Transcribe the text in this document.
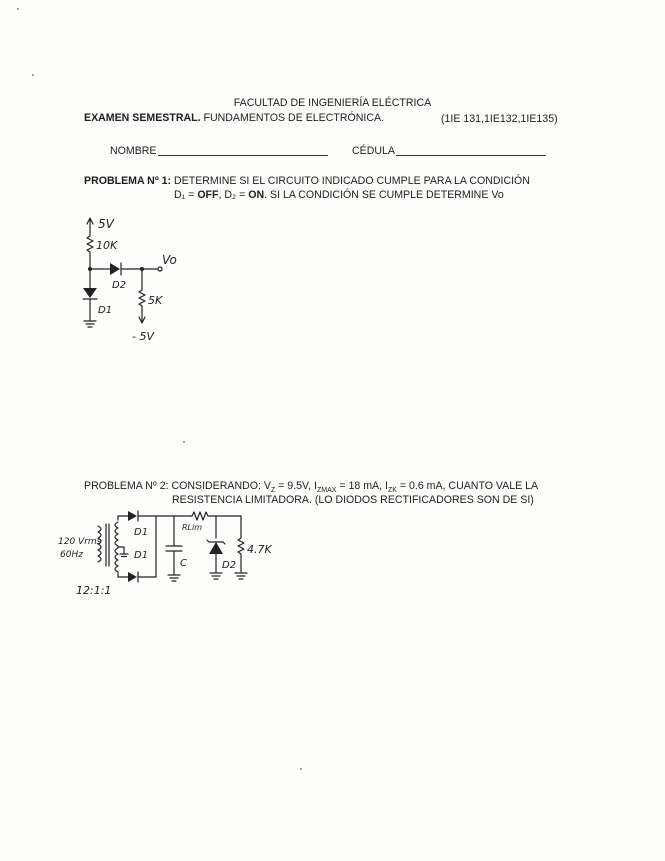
FACULTAD DE INGENIERÍA ELÉCTRICA
EXAMEN SEMESTRAL. FUNDAMENTOS DE ELECTRÓNICA.	(1IE 131,1IE132,1IE135)
NOMBRE	CÉDULA
PROBLEMA Nº 1: DETERMINE SI EL CIRCUITO INDICADO CUMPLE PARA LA CONDICIÓN
D₁ = OFF, D₂ = ON. SI LA CONDICIÓN SE CUMPLE DETERMINE Vo
5V
10K
D2
Vo
5K
- 5V
D1
PROBLEMA Nº 2: CONSIDERANDO: $V_Z = 9.5V$, $I_{ZMAX} = 18$ mA, $I_{ZK} = 0.6$ mA, CUANTO VALE LA
RESISTENCIA LIMITADORA. (LO DIODOS RECTIFICADORES SON DE SI)
120 Vrms
60Hz
12:1:1
D1
D1
C
RLim
D2
4.7K
